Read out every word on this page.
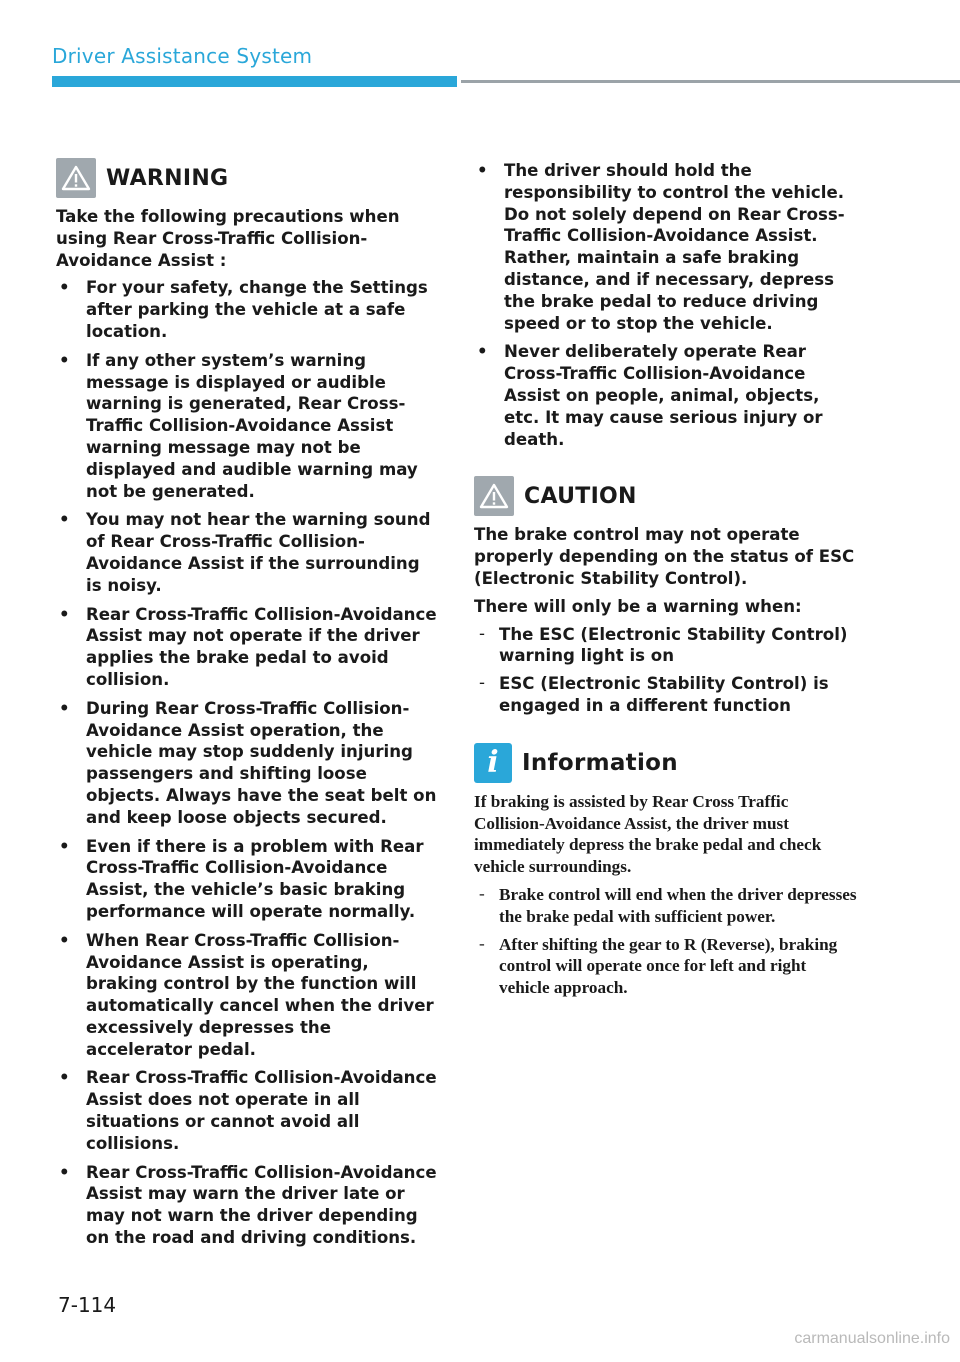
Driver Assistance System
WARNING

Take the following precautions when using Rear Cross-Traffic Collision-Avoidance Assist :

• For your safety, change the Settings after parking the vehicle at a safe location.
• If any other system’s warning message is displayed or audible warning is generated, Rear Cross-Traffic Collision-Avoidance Assist warning message may not be displayed and audible warning may not be generated.
• You may not hear the warning sound of Rear Cross-Traffic Collision-Avoidance Assist if the surrounding is noisy.
• Rear Cross-Traffic Collision-Avoidance Assist may not operate if the driver applies the brake pedal to avoid collision.
• During Rear Cross-Traffic Collision-Avoidance Assist operation, the vehicle may stop suddenly injuring passengers and shifting loose objects. Always have the seat belt on and keep loose objects secured.
• Even if there is a problem with Rear Cross-Traffic Collision-Avoidance Assist, the vehicle’s basic braking performance will operate normally.
• When Rear Cross-Traffic Collision-Avoidance Assist is operating, braking control by the function will automatically cancel when the driver excessively depresses the accelerator pedal.
• Rear Cross-Traffic Collision-Avoidance Assist does not operate in all situations or cannot avoid all collisions.
• Rear Cross-Traffic Collision-Avoidance Assist may warn the driver late or may not warn the driver depending on the road and driving conditions.
• The driver should hold the responsibility to control the vehicle. Do not solely depend on Rear Cross-Traffic Collision-Avoidance Assist. Rather, maintain a safe braking distance, and if necessary, depress the brake pedal to reduce driving speed or to stop the vehicle.
• Never deliberately operate Rear Cross-Traffic Collision-Avoidance Assist on people, animal, objects, etc. It may cause serious injury or death.
CAUTION

The brake control may not operate properly depending on the status of ESC (Electronic Stability Control).

There will only be a warning when:

- The ESC (Electronic Stability Control) warning light is on
- ESC (Electronic Stability Control) is engaged in a different function
i Information

If braking is assisted by Rear Cross Traffic Collision-Avoidance Assist, the driver must immediately depress the brake pedal and check vehicle surroundings.

- Brake control will end when the driver depresses the brake pedal with sufficient power.
- After shifting the gear to R (Reverse), braking control will operate once for left and right vehicle approach.
7-114
carmanualsonline.info
